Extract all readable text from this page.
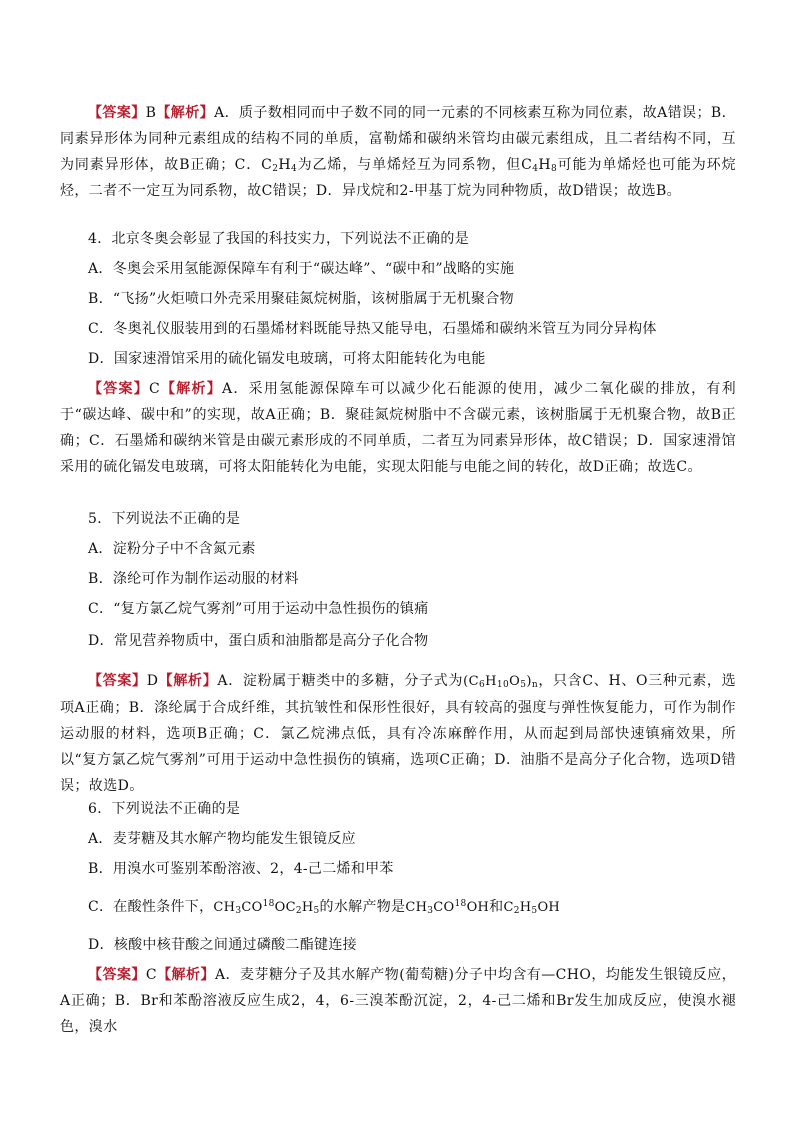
【答案】B【解析】A．质子数相同而中子数不同的同一元素的不同核素互称为同位素，故A错误；B．同素异形体为同种元素组成的结构不同的单质，富勒烯和碳纳米管均由碳元素组成，且二者结构不同，互为同素异形体，故B正确；C．$C_2H_4$为乙烯，与单烯烃互为同系物，但$C_4H_8$可能为单烯烃也可能为环烷烃，二者不一定互为同系物，故C错误；D．异戊烷和2-甲基丁烷为同种物质，故D错误；故选B。
4．北京冬奥会彰显了我国的科技实力，下列说法不正确的是
A．冬奥会采用氢能源保障车有利于“碳达峰”、“碳中和”战略的实施
B．“飞扬”火炬喷口外壳采用聚硅氮烷树脂，该树脂属于无机聚合物
C．冬奥礼仪服装用到的石墨烯材料既能导热又能导电，石墨烯和碳纳米管互为同分异构体
D．国家速滑馆采用的硫化镉发电玻璃，可将太阳能转化为电能
【答案】C【解析】A．采用氢能源保障车可以减少化石能源的使用，减少二氧化碳的排放，有利于“碳达峰、碳中和”的实现，故A正确；B．聚硅氮烷树脂中不含碳元素，该树脂属于无机聚合物，故B正确；C．石墨烯和碳纳米管是由碳元素形成的不同单质，二者互为同素异形体，故C错误；D．国家速滑馆采用的硫化镉发电玻璃，可将太阳能转化为电能，实现太阳能与电能之间的转化，故D正确；故选C。
5．下列说法不正确的是
A．淀粉分子中不含氮元素
B．涤纶可作为制作运动服的材料
C．“复方氯乙烷气雾剂”可用于运动中急性损伤的镇痛
D．常见营养物质中，蛋白质和油脂都是高分子化合物
【答案】D【解析】A．淀粉属于糖类中的多糖，分子式为$(C_6H_{10}O_5)_n$，只含C、H、O三种元素，选项A正确；B．涤纶属于合成纤维，其抗皱性和保形性很好，具有较高的强度与弹性恢复能力，可作为制作运动服的材料，选项B正确；C．氯乙烷沸点低，具有冷冻麻醉作用，从而起到局部快速镇痛效果，所以“复方氯乙烷气雾剂”可用于运动中急性损伤的镇痛，选项C正确；D．油脂不是高分子化合物，选项D错误；故选D。
6．下列说法不正确的是
A．麦芽糖及其水解产物均能发生银镜反应
B．用溴水可鉴别苯酚溶液、2，4-己二烯和甲苯
C．在酸性条件下，$CH_3CO^{18}OC_2H_5$的水解产物是$CH_3CO^{18}OH$和$C_2H_5OH$
D．核酸中核苷酸之间通过磷酸二酯键连接
【答案】C【解析】A．麦芽糖分子及其水解产物(葡萄糖)分子中均含有—CHO，均能发生银镜反应，A正确；B．Br和苯酚溶液反应生成2，4，6-三溴苯酚沉淀，2，4-己二烯和Br发生加成反应，使溴水褪色，溴水
